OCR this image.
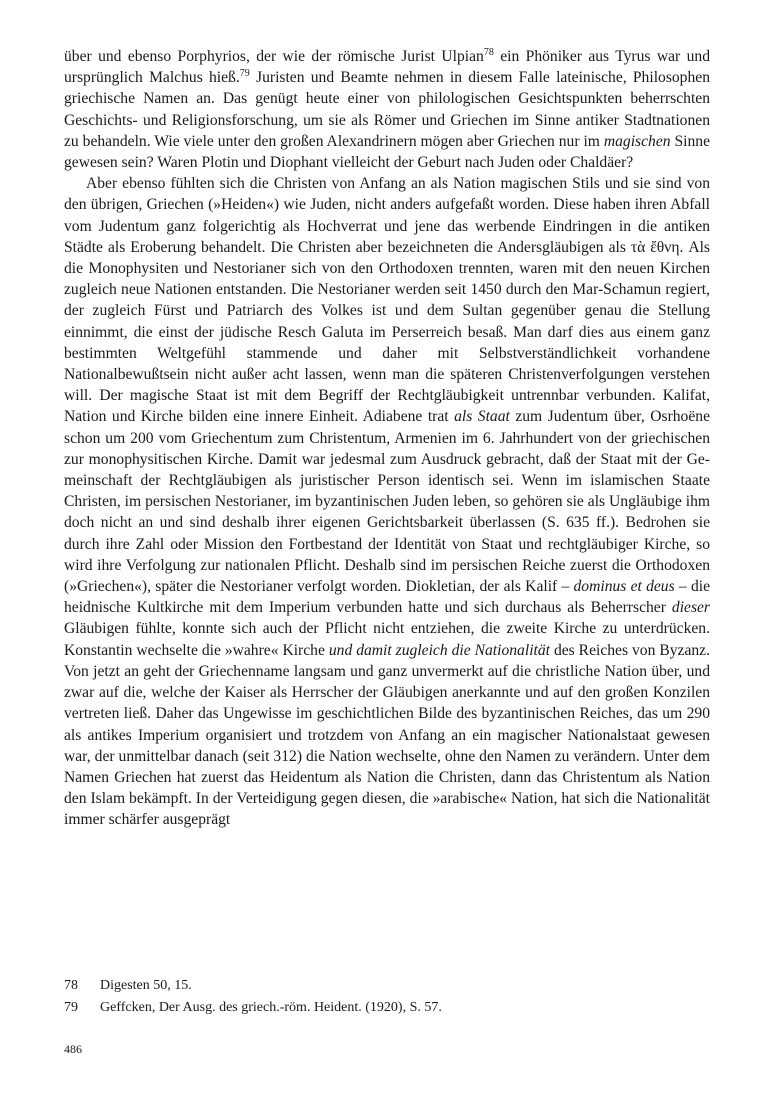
über und ebenso Porphyrios, der wie der römische Jurist Ulpian$^{78}$ ein Phöniker aus Tyrus war und ursprünglich Malchus hieß.$^{79}$ Juristen und Beamte nehmen in diesem Falle lateinische, Philosophen griechische Namen an. Das genügt heute einer von philologischen Gesichtspunkten beherrschten Geschichts- und Religionsforschung, um sie als Römer und Griechen im Sinne antiker Stadtnationen zu behandeln. Wie viele unter den großen Alexandrinern mögen aber Griechen nur im magischen Sinne gewesen sein? Waren Plotin und Diophant vielleicht der Geburt nach Juden oder Chaldäer?

Aber ebenso fühlten sich die Christen von Anfang an als Nation magischen Stils und sie sind von den übrigen, Griechen (»Heiden«) wie Juden, nicht anders aufgefaßt worden. Diese haben ihren Abfall vom Judentum ganz folgerichtig als Hochverrat und jene das werbende Eindringen in die antiken Städte als Eroberung behandelt. Die Christen aber bezeichneten die Andersgläubigen als τὰ ἔθνη. Als die Monophysiten und Nestorianer sich von den Orthodoxen trennten, waren mit den neuen Kirchen zugleich neue Nationen entstanden. Die Nestorianer werden seit 1450 durch den Mar-Schamun regiert, der zugleich Fürst und Patriarch des Volkes ist und dem Sultan gegenüber genau die Stellung einnimmt, die einst der jüdische Resch Galuta im Perserreich besaß. Man darf dies aus einem ganz bestimmten Weltgefühl stammende und daher mit Selbstverständlichkeit vorhandene Nationalbewußtsein nicht außer acht lassen, wenn man die späteren Christenverfolgungen verstehen will. Der magische Staat ist mit dem Begriff der Rechtgläubigkeit untrennbar verbunden. Kalifat, Nation und Kirche bilden eine innere Einheit. Adiabene trat als Staat zum Judentum über, Osrhoëne schon um 200 vom Griechentum zum Christentum, Armenien im 6. Jahrhundert von der griechischen zur monophysitischen Kirche. Damit war jedesmal zum Ausdruck gebracht, daß der Staat mit der Gemeinschaft der Rechtgläubigen als juristischer Person identisch sei. Wenn im islamischen Staate Christen, im persischen Nestorianer, im byzantinischen Juden leben, so gehören sie als Ungläubige ihm doch nicht an und sind deshalb ihrer eigenen Gerichtsbarkeit überlassen (S. 635 ff.). Bedrohen sie durch ihre Zahl oder Mission den Fortbestand der Identität von Staat und rechtgläubiger Kirche, so wird ihre Verfolgung zur nationalen Pflicht. Deshalb sind im persischen Reiche zuerst die Orthodoxen (»Griechen«), später die Nestorianer verfolgt worden. Diokletian, der als Kalif – dominus et deus – die heidnische Kultkirche mit dem Imperium verbunden hatte und sich durchaus als Beherrscher dieser Gläubigen fühlte, konnte sich auch der Pflicht nicht entziehen, die zweite Kirche zu unterdrücken. Konstantin wechselte die »wahre« Kirche und damit zugleich die Nationalität des Reiches von Byzanz. Von jetzt an geht der Griechenname langsam und ganz unvermerkt auf die christliche Nation über, und zwar auf die, welche der Kaiser als Herrscher der Gläubigen anerkannte und auf den großen Konzilen vertreten ließ. Daher das Ungewisse im geschichtlichen Bilde des byzantinischen Reiches, das um 290 als antikes Imperium organisiert und trotzdem von Anfang an ein magischer Nationalstaat gewesen war, der unmittelbar danach (seit 312) die Nation wechselte, ohne den Namen zu verändern. Unter dem Namen Griechen hat zuerst das Heidentum als Nation die Christen, dann das Christentum als Nation den Islam bekämpft. In der Verteidigung gegen diesen, die »arabische« Nation, hat sich die Nationalität immer schärfer ausgeprägt

78	Digesten 50, 15.
79	Geffcken, Der Ausg. des griech.-röm. Heident. (1920), S. 57.
486
